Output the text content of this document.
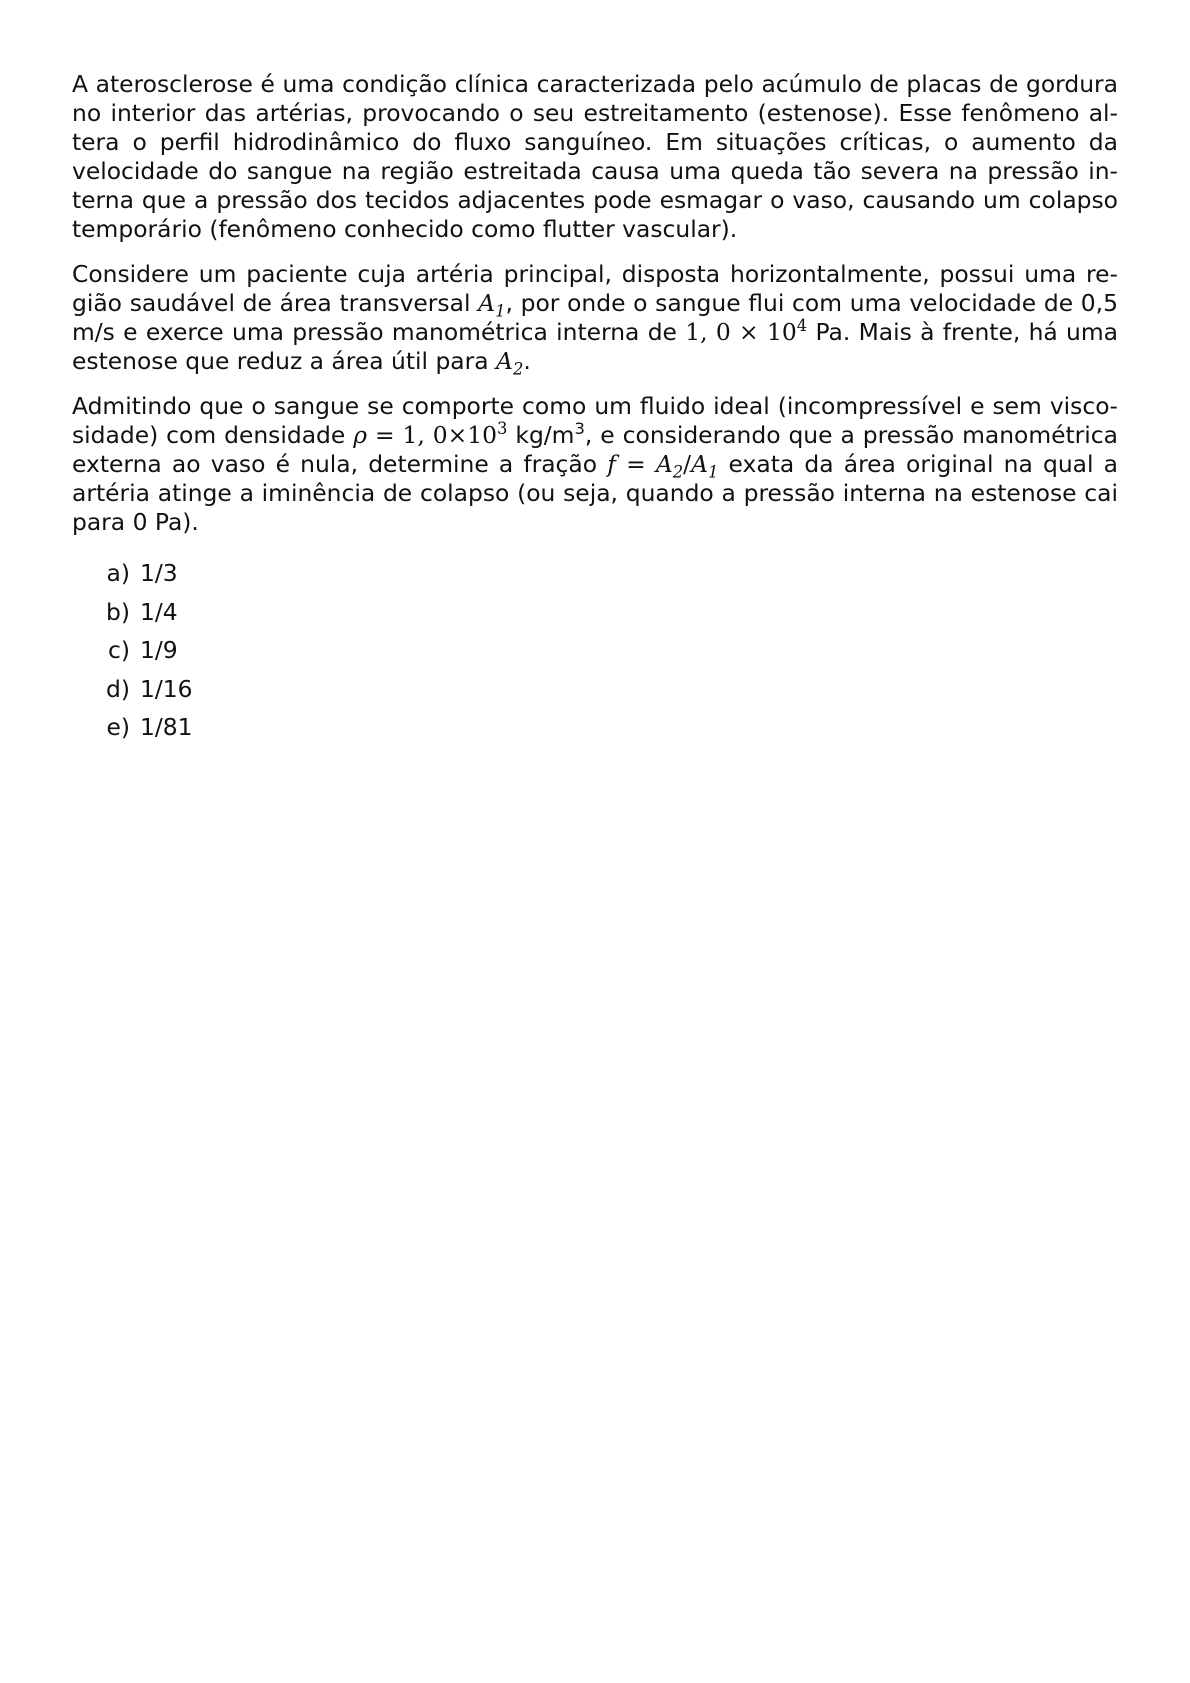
A aterosclerose é uma condição clínica caracterizada pelo acúmulo de placas de gordura no interior das artérias, provocando o seu estreitamento (estenose). Esse fenômeno altera o perfil hidrodinâmico do fluxo sanguíneo. Em situações críticas, o aumento da velocidade do sangue na região estreitada causa uma queda tão severa na pressão interna que a pressão dos tecidos adjacentes pode esmagar o vaso, causando um colapso temporário (fenômeno conhecido como flutter vascular).

Considere um paciente cuja artéria principal, disposta horizontalmente, possui uma região saudável de área transversal $A_1$, por onde o sangue flui com uma velocidade de 0,5 m/s e exerce uma pressão manométrica interna de 1, $0 \times 10^4$ Pa. Mais à frente, há uma estenose que reduz a área útil para $A_2$.

Admitindo que o sangue se comporte como um fluido ideal (incompressível e sem viscosidade) com densidade ρ = 1, $0\times 10^3$ $kg/m^3$, e considerando que a pressão manométrica externa ao vaso é nula, determine a fração $f = A_2/A_1$ exata da área original na qual a artéria atinge a iminência de colapso (ou seja, quando a pressão interna na estenose cai para 0 Pa).

a) 1/3
b) 1/4
c) 1/9
d) 1/16
e) 1/81
